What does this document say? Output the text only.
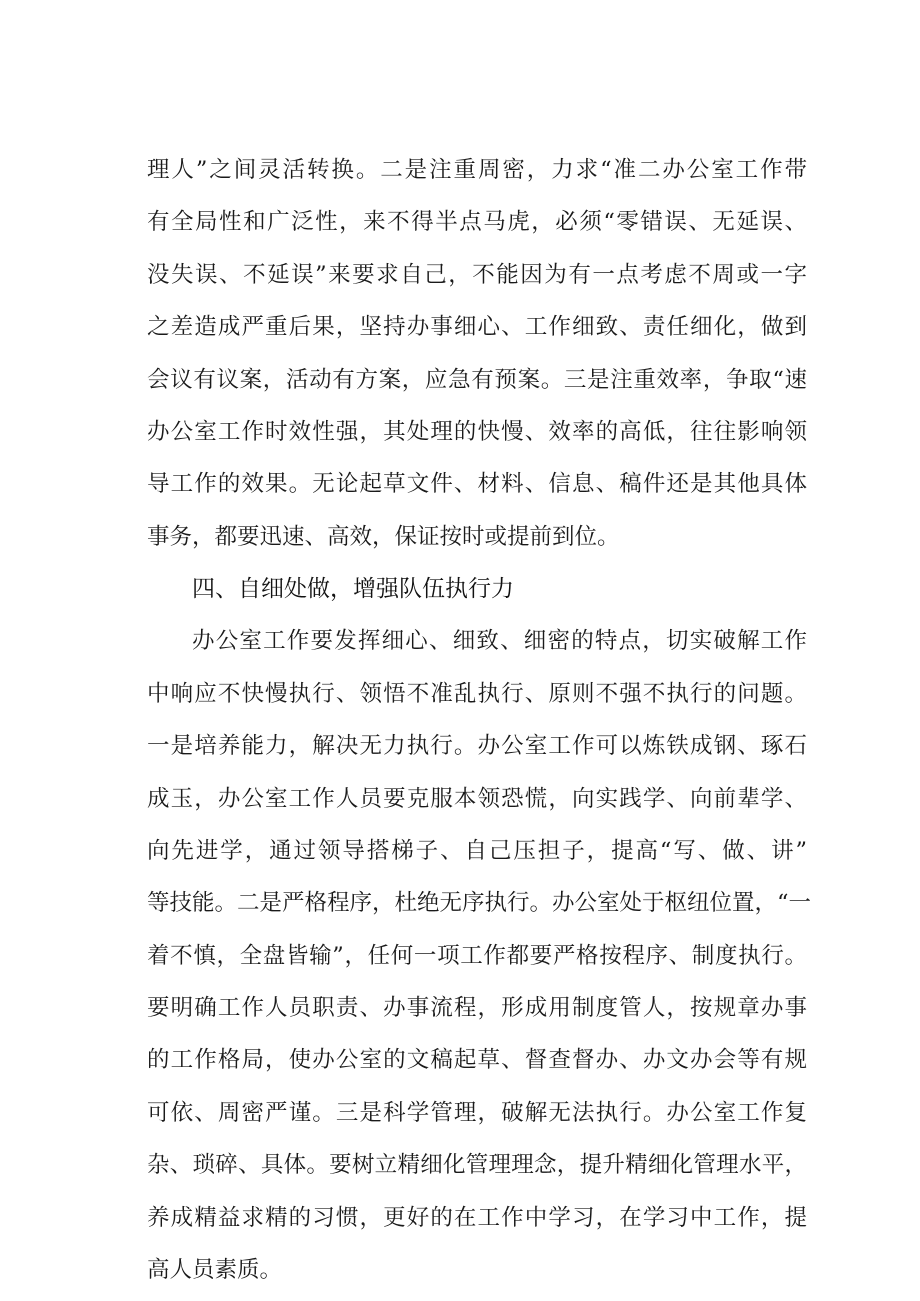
理人”之间灵活转换。二是注重周密，力求“准二办公室工作带
有全局性和广泛性，来不得半点马虎，必须“零错误、无延误、
没失误、不延误”来要求自己，不能因为有一点考虑不周或一字
之差造成严重后果，坚持办事细心、工作细致、责任细化，做到
会议有议案，活动有方案，应急有预案。三是注重效率，争取“速
办公室工作时效性强，其处理的快慢、效率的高低，往往影响领
导工作的效果。无论起草文件、材料、信息、稿件还是其他具体
事务，都要迅速、高效，保证按时或提前到位。
四、自细处做，增强队伍执行力
办公室工作要发挥细心、细致、细密的特点，切实破解工作
中响应不快慢执行、领悟不准乱执行、原则不强不执行的问题。
一是培养能力，解决无力执行。办公室工作可以炼铁成钢、琢石
成玉，办公室工作人员要克服本领恐慌，向实践学、向前辈学、
向先进学，通过领导搭梯子、自己压担子，提高“写、做、讲”
等技能。二是严格程序，杜绝无序执行。办公室处于枢纽位置，“一
着不慎，全盘皆输”，任何一项工作都要严格按程序、制度执行。
要明确工作人员职责、办事流程，形成用制度管人，按规章办事
的工作格局，使办公室的文稿起草、督查督办、办文办会等有规
可依、周密严谨。三是科学管理，破解无法执行。办公室工作复
杂、琐碎、具体。要树立精细化管理理念，提升精细化管理水平，
养成精益求精的习惯，更好的在工作中学习，在学习中工作，提
高人员素质。
